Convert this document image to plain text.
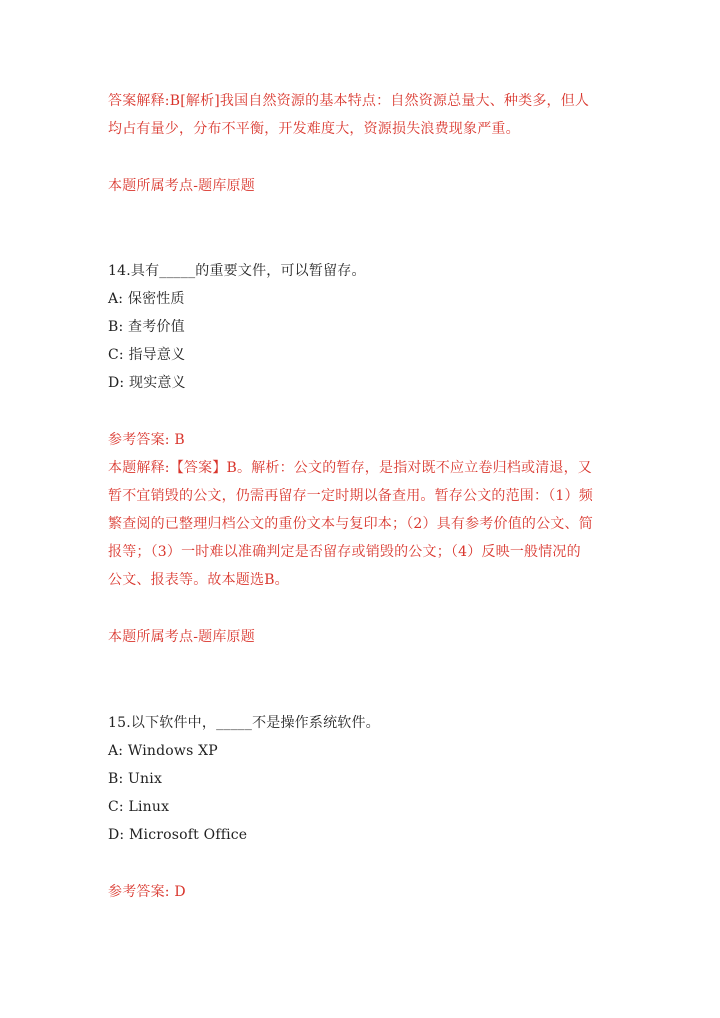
答案解释:B[解析]我国自然资源的基本特点：自然资源总量大、种类多，但人
均占有量少，分布不平衡，开发难度大，资源损失浪费现象严重。
本题所属考点-题库原题
14.具有_____的重要文件，可以暂留存。
A: 保密性质
B: 查考价值
C: 指导意义
D: 现实意义
参考答案: B
本题解释:【答案】B。解析：公文的暂存，是指对既不应立卷归档或清退，又
暂不宜销毁的公文，仍需再留存一定时期以备查用。暂存公文的范围：（1）频
繁查阅的已整理归档公文的重份文本与复印本；（2）具有参考价值的公文、简
报等；（3）一时难以准确判定是否留存或销毁的公文；（4）反映一般情况的
公文、报表等。故本题选B。
本题所属考点-题库原题
15.以下软件中，_____不是操作系统软件。
A: Windows XP
B: Unix
C: Linux
D: Microsoft Office
参考答案: D
